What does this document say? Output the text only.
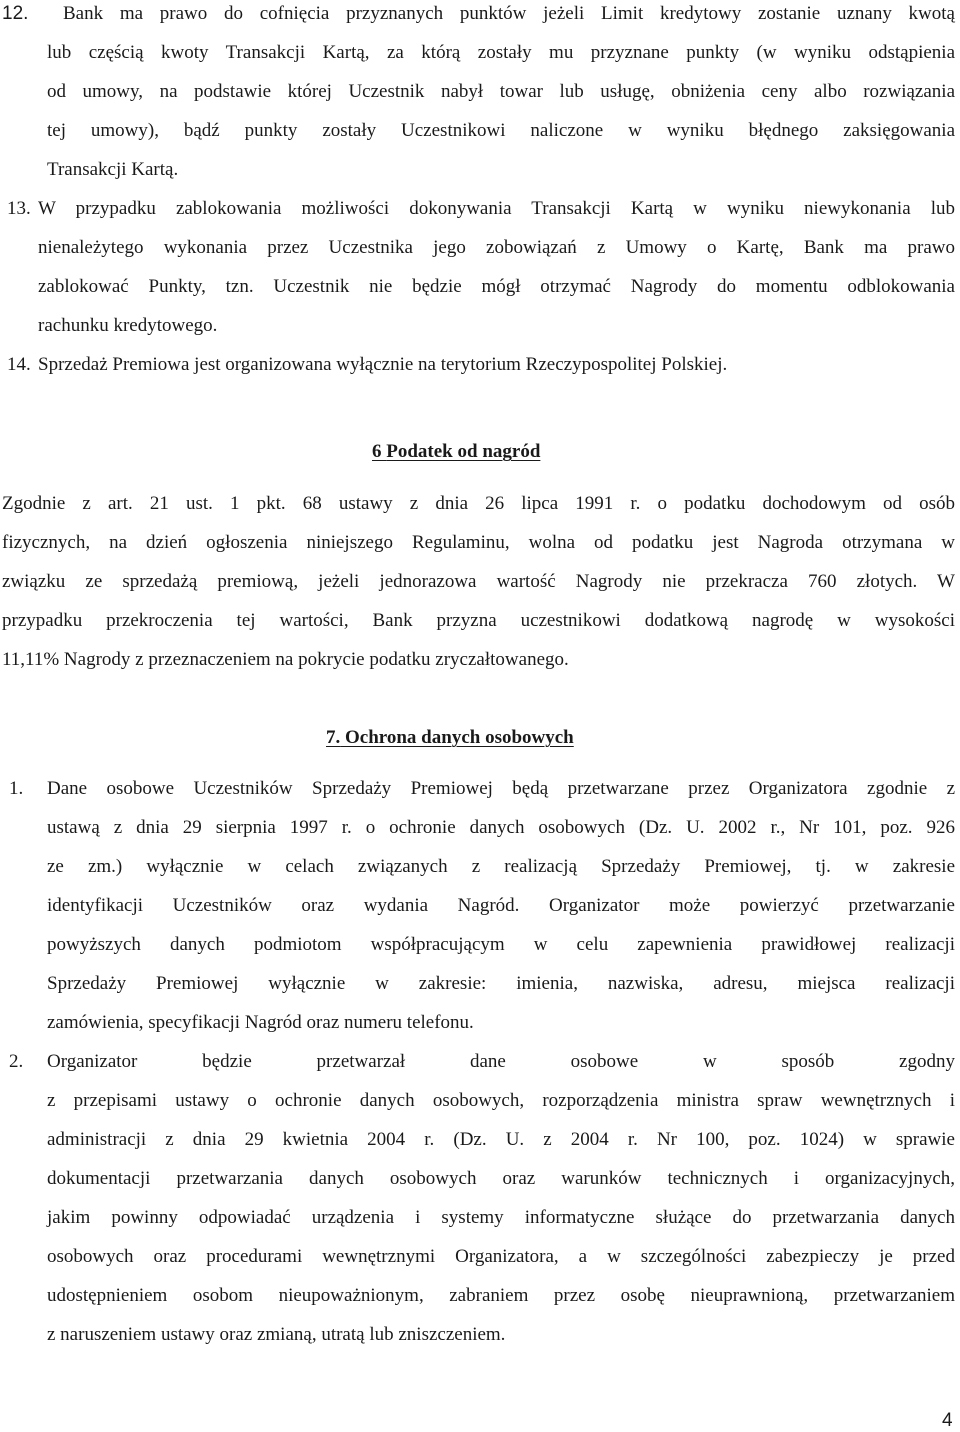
12. Bank ma prawo do cofnięcia przyznanych punktów jeżeli Limit kredytowy zostanie uznany kwotą
lub częścią kwoty Transakcji Kartą, za którą zostały mu przyznane punkty (w wyniku odstąpienia
od umowy, na podstawie której Uczestnik nabył towar lub usługę, obniżenia ceny albo rozwiązania
tej umowy), bądź punkty zostały Uczestnikowi naliczone w wyniku błędnego zaksięgowania
Transakcji Kartą.
13. W przypadku zablokowania możliwości dokonywania Transakcji Kartą w wyniku niewykonania lub
nienależytego wykonania przez Uczestnika jego zobowiązań z Umowy o Kartę, Bank ma prawo
zablokować Punkty, tzn. Uczestnik nie będzie mógł otrzymać Nagrody do momentu odblokowania
rachunku kredytowego.
14. Sprzedaż Premiowa jest organizowana wyłącznie na terytorium Rzeczypospolitej Polskiej.
6 Podatek od nagród
Zgodnie z art. 21 ust. 1 pkt. 68 ustawy z dnia 26 lipca 1991 r. o podatku dochodowym od osób
fizycznych, na dzień ogłoszenia niniejszego Regulaminu, wolna od podatku jest Nagroda otrzymana w
związku ze sprzedażą premiową, jeżeli jednorazowa wartość Nagrody nie przekracza 760 złotych. W
przypadku przekroczenia tej wartości, Bank przyzna uczestnikowi dodatkową nagrodę w wysokości
11,11% Nagrody z przeznaczeniem na pokrycie podatku zryczałtowanego.
7. Ochrona danych osobowych
1. Dane osobowe Uczestników Sprzedaży Premiowej będą przetwarzane przez Organizatora zgodnie z
ustawą z dnia 29 sierpnia 1997 r. o ochronie danych osobowych (Dz. U. 2002 r., Nr 101, poz. 926
ze zm.) wyłącznie w celach związanych z realizacją Sprzedaży Premiowej, tj. w zakresie
identyfikacji Uczestników oraz wydania Nagród. Organizator może powierzyć przetwarzanie
powyższych danych podmiotom współpracującym w celu zapewnienia prawidłowej realizacji
Sprzedaży Premiowej wyłącznie w zakresie: imienia, nazwiska, adresu, miejsca realizacji
zamówienia, specyfikacji Nagród oraz numeru telefonu.
2. Organizator będzie przetwarzał dane osobowe w sposób zgodny
z przepisami ustawy o ochronie danych osobowych, rozporządzenia ministra spraw wewnętrznych i
administracji z dnia 29 kwietnia 2004 r. (Dz. U. z 2004 r. Nr 100, poz. 1024) w sprawie
dokumentacji przetwarzania danych osobowych oraz warunków technicznych i organizacyjnych,
jakim powinny odpowiadać urządzenia i systemy informatyczne służące do przetwarzania danych
osobowych oraz procedurami wewnętrznymi Organizatora, a w szczególności zabezpieczy je przed
udostępnieniem osobom nieupoważnionym, zabraniem przez osobę nieuprawnioną, przetwarzaniem
z naruszeniem ustawy oraz zmianą, utratą lub zniszczeniem.
4
